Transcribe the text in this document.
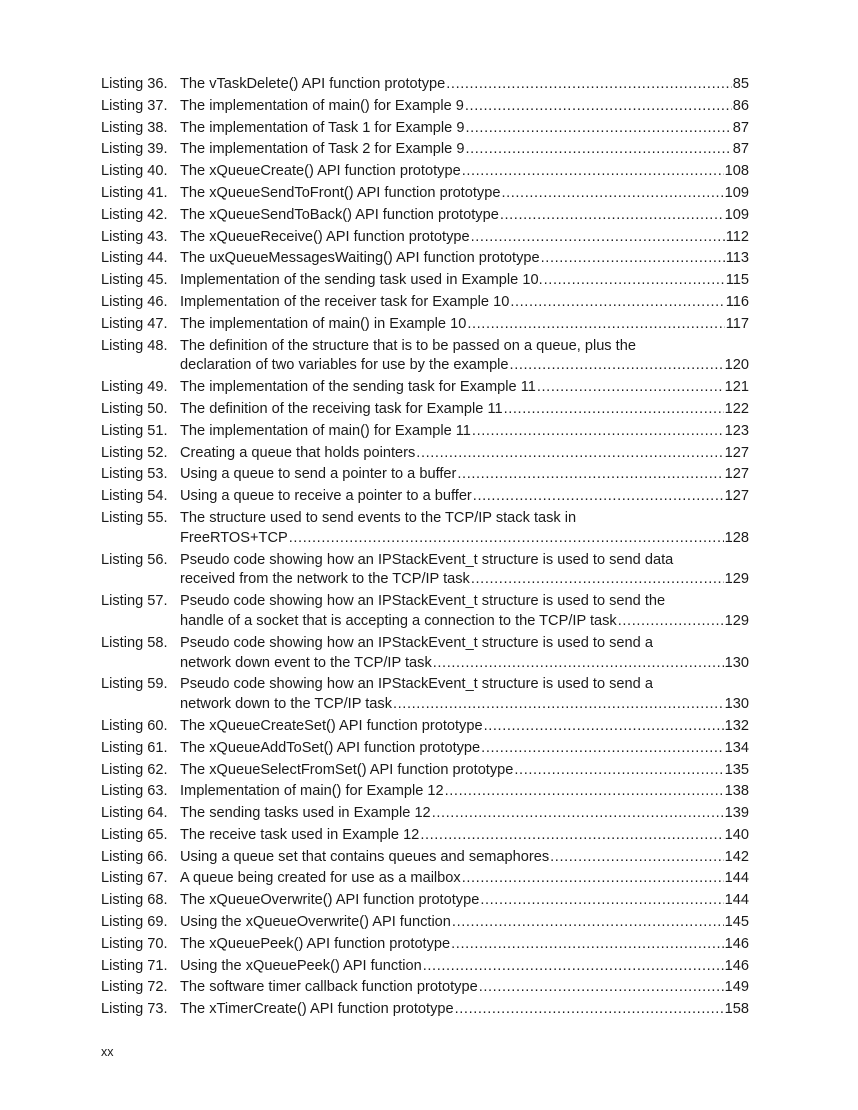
Listing 36. The vTaskDelete() API function prototype .....	85
Listing 37. The implementation of main() for Example 9 .....	86
Listing 38. The implementation of Task 1 for Example 9 .....	87
Listing 39. The implementation of Task 2 for Example 9 .....	87
Listing 40. The xQueueCreate() API function prototype .....	108
Listing 41. The xQueueSendToFront() API function prototype .....	109
Listing 42. The xQueueSendToBack() API function prototype .....	109
Listing 43. The xQueueReceive() API function prototype .....	112
Listing 44. The uxQueueMessagesWaiting() API function prototype .....	113
Listing 45. Implementation of the sending task used in Example 10. .....	115
Listing 46. Implementation of the receiver task for Example 10 .....	116
Listing 47. The implementation of main() in Example 10 .....	117
Listing 48. The definition of the structure that is to be passed on a queue, plus the
declaration of two variables for use by the example .....	120
Listing 49. The implementation of the sending task for Example 11 .....	121
Listing 50. The definition of the receiving task for Example 11 .....	122
Listing 51. The implementation of main() for Example 11 .....	123
Listing 52. Creating a queue that holds pointers .....	127
Listing 53. Using a queue to send a pointer to a buffer .....	127
Listing 54. Using a queue to receive a pointer to a buffer .....	127
Listing 55. The structure used to send events to the TCP/IP stack task in
FreeRTOS+TCP .....	128
Listing 56. Pseudo code showing how an IPStackEvent_t structure is used to send data
received from the network to the TCP/IP task .....	129
Listing 57. Pseudo code showing how an IPStackEvent_t structure is used to send the
handle of a socket that is accepting a connection to the TCP/IP task .....	129
Listing 58. Pseudo code showing how an IPStackEvent_t structure is used to send a
network down event to the TCP/IP task .....	130
Listing 59. Pseudo code showing how an IPStackEvent_t structure is used to send a
network down to the TCP/IP task .....	130
Listing 60. The xQueueCreateSet() API function prototype .....	132
Listing 61. The xQueueAddToSet() API function prototype .....	134
Listing 62. The xQueueSelectFromSet() API function prototype .....	135
Listing 63. Implementation of main() for Example 12 .....	138
Listing 64. The sending tasks used in Example 12 .....	139
Listing 65. The receive task used in Example 12 .....	140
Listing 66. Using a queue set that contains queues and semaphores .....	142
Listing 67. A queue being created for use as a mailbox .....	144
Listing 68. The xQueueOverwrite() API function prototype .....	144
Listing 69. Using the xQueueOverwrite() API function .....	145
Listing 70. The xQueuePeek() API function prototype .....	146
Listing 71. Using the xQueuePeek() API function .....	146
Listing 72. The software timer callback function prototype .....	149
Listing 73. The xTimerCreate() API function prototype .....	158
xx
